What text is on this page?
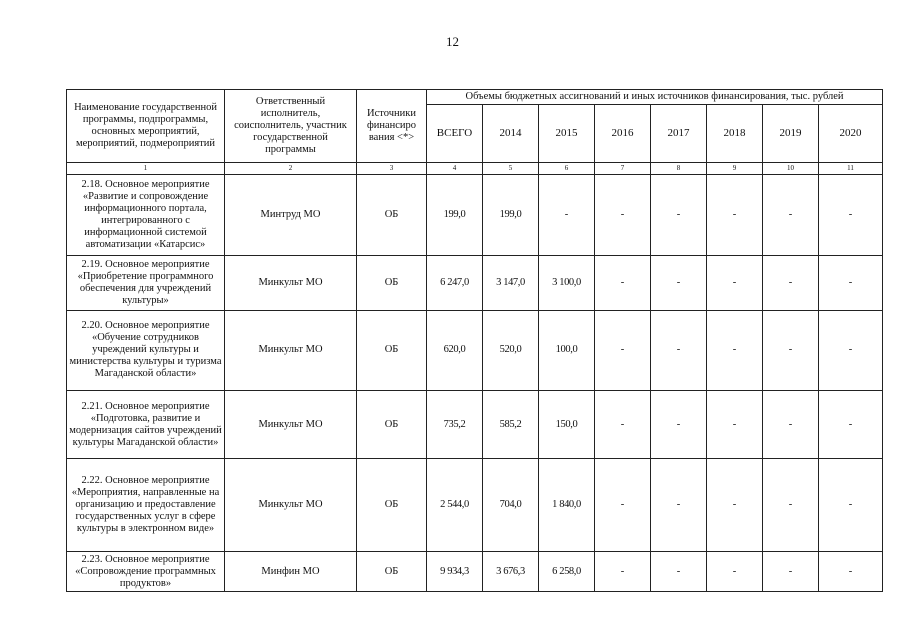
12
Наименование государственной программы, подпрограммы, основных мероприятий, мероприятий, подмероприятий	Ответственный исполнитель, соисполнитель, участник государственной программы	Источники финансиро вания <*>	Объемы бюджетных ассигнований и иных источников финансирования, тыс. рублей							
			ВСЕГО	2014	2015	2016	2017	2018	2019	2020
1	2	3	4	5	6	7	8	9	10	11
2.18. Основное мероприятие «Развитие и сопровождение информационного портала, интегрированного с информационной системой автоматизации «Катарсис»	Минтруд МО	ОБ	199,0	199,0	-	-	-	-	-	-
2.19. Основное мероприятие «Приобретение программного обеспечения для учреждений культуры»	Минкульт МО	ОБ	6 247,0	3 147,0	3 100,0	-	-	-	-	-
2.20. Основное мероприятие «Обучение сотрудников учреждений культуры и министерства культуры и туризма Магаданской области»	Минкульт МО	ОБ	620,0	520,0	100,0	-	-	-	-	-
2.21. Основное мероприятие «Подготовка, развитие и модернизация сайтов учреждений культуры Магаданской области»	Минкульт МО	ОБ	735,2	585,2	150,0	-	-	-	-	-
2.22. Основное мероприятие «Мероприятия, направленные на организацию и предоставление государственных услуг в сфере культуры в электронном виде»	Минкульт МО	ОБ	2 544,0	704,0	1 840,0	-	-	-	-	-
2.23. Основное мероприятие «Сопровождение программных продуктов»	Минфин МО	ОБ	9 934,3	3 676,3	6 258,0	-	-	-	-	-
